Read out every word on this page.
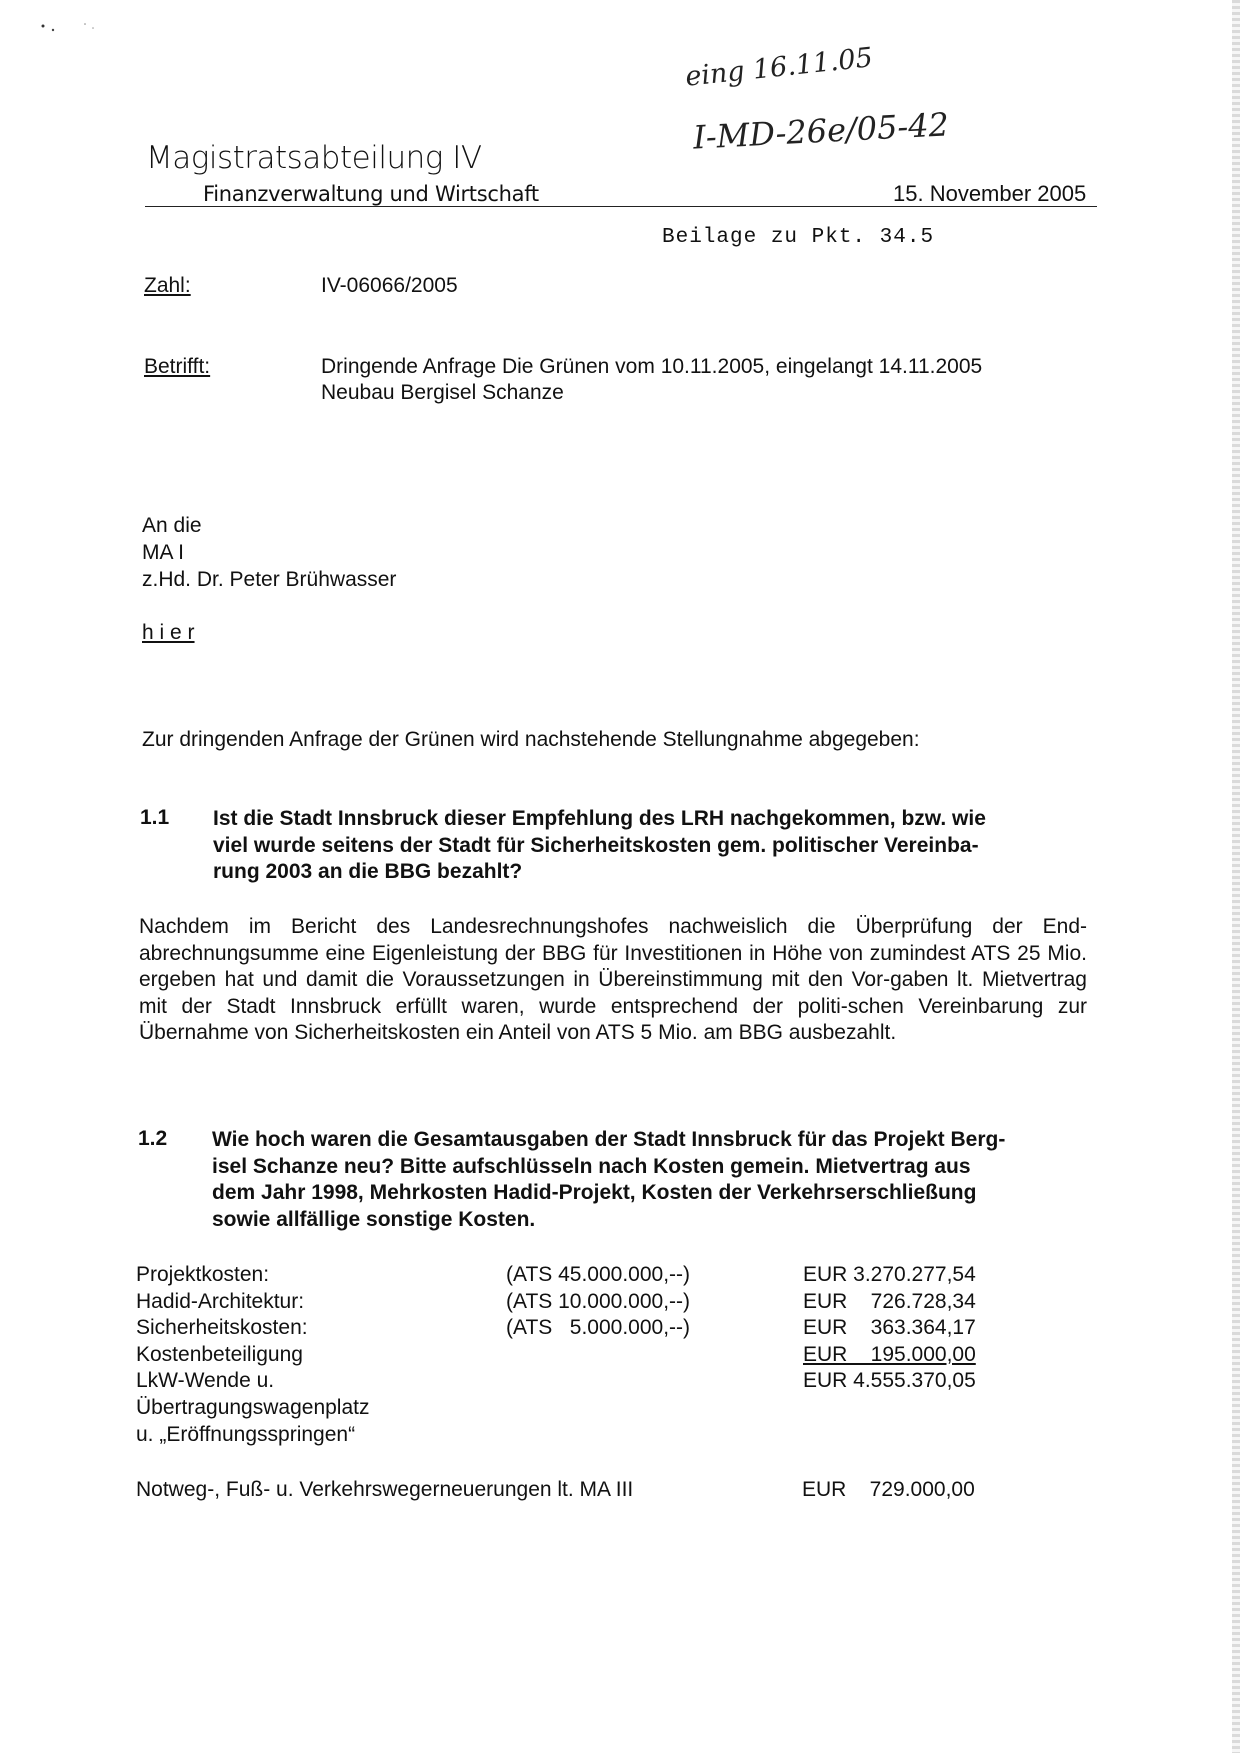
eing 16.11.05
I-MD-26e/05-42
Magistratsabteilung IV
Finanzverwaltung und Wirtschaft	15. November 2005
Beilage zu Pkt. 34.5
Zahl:	IV-06066/2005
Betrifft:	Dringende Anfrage Die Grünen vom 10.11.2005, eingelangt 14.11.2005
Neubau Bergisel Schanze
An die
MA I
z.Hd. Dr. Peter Brühwasser
h i e r
Zur dringenden Anfrage der Grünen wird nachstehende Stellungnahme abgegeben:
1.1 Ist die Stadt Innsbruck dieser Empfehlung des LRH nachgekommen, bzw. wie
viel wurde seitens der Stadt für Sicherheitskosten gem. politischer Vereinba-
rung 2003 an die BBG bezahlt?
Nachdem im Bericht des Landesrechnungshofes nachweislich die Überprüfung der End-abrechnungsumme eine Eigenleistung der BBG für Investitionen in Höhe von zumindest ATS 25 Mio. ergeben hat und damit die Voraussetzungen in Übereinstimmung mit den Vor-gaben lt. Mietvertrag mit der Stadt Innsbruck erfüllt waren, wurde entsprechend der politi-schen Vereinbarung zur Übernahme von Sicherheitskosten ein Anteil von ATS 5 Mio. am BBG ausbezahlt.
1.2 Wie hoch waren die Gesamtausgaben der Stadt Innsbruck für das Projekt Berg-
isel Schanze neu? Bitte aufschlüsseln nach Kosten gemein. Mietvertrag aus
dem Jahr 1998, Mehrkosten Hadid-Projekt, Kosten der Verkehrserschließung
sowie allfällige sonstige Kosten.
Projektkosten:	(ATS 45.000.000,--)	EUR 3.270.277,54
Hadid-Architektur:	(ATS 10.000.000,--)	EUR    726.728,34
Sicherheitskosten:	(ATS   5.000.000,--)	EUR    363.364,17
Kostenbeteiligung		EUR    195.000,00
LkW-Wende u.		EUR 4.555.370,05
Übertragungswagenplatz		
u. „Eröffnungsspringen“		
Notweg-, Fuß- u. Verkehrswegerneuerungen lt. MA III	EUR    729.000,00
